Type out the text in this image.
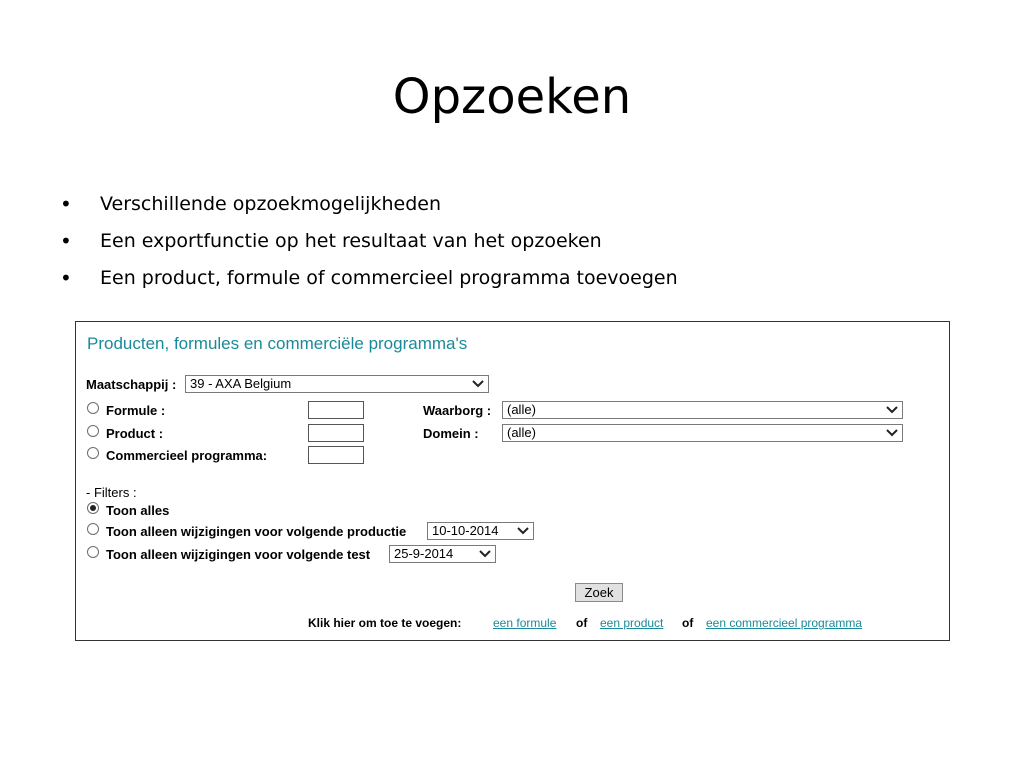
Opzoeken
• Verschillende opzoekmogelijkheden
• Een exportfunctie op het resultaat van het opzoeken
• Een product, formule of commercieel programma toevoegen
Producten, formules en commerciële programma's
Maatschappij :	39 - AXA Belgium
Formule :	Waarborg :	(alle)
Product :	Domein :	(alle)
Commercieel programma:
- Filters :
Toon alles
Toon alleen wijzigingen voor volgende productie	10-10-2014
Toon alleen wijzigingen voor volgende test	25-9-2014
Zoek
Klik hier om toe te voegen:	een formule of een product of een commercieel programma
